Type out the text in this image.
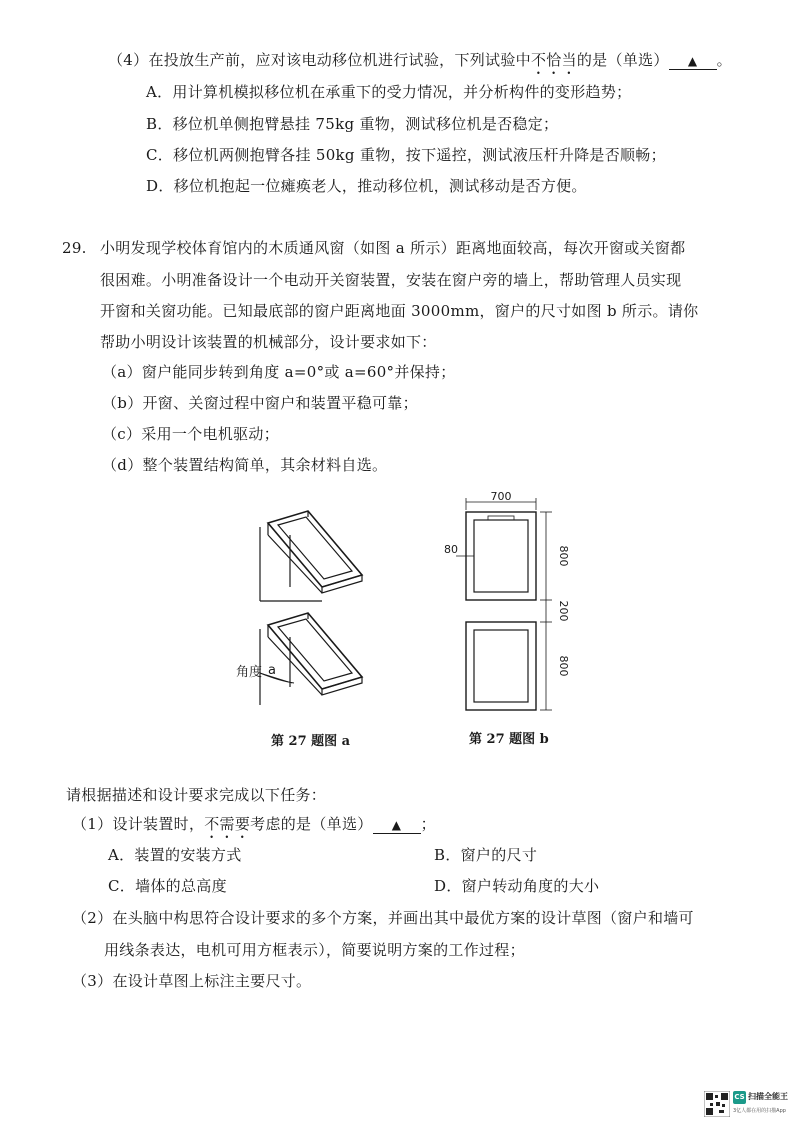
（4）在投放生产前，应对该电动移位机进行试验，下列试验中不恰当的是（单选） ▲ 。
A．用计算机模拟移位机在承重下的受力情况，并分析构件的变形趋势；
B．移位机单侧抱臂悬挂 75kg 重物，测试移位机是否稳定；
C．移位机两侧抱臂各挂 50kg 重物，按下遥控，测试液压杆升降是否顺畅；
D．移位机抱起一位瘫痪老人，推动移位机，测试移动是否方便。
29. 小明发现学校体育馆内的木质通风窗（如图 a 所示）距离地面较高，每次开窗或关窗都
很困难。小明准备设计一个电动开关窗装置，安装在窗户旁的墙上，帮助管理人员实现
开窗和关窗功能。已知最底部的窗户距离地面 3000mm，窗户的尺寸如图 b 所示。请你
帮助小明设计该装置的机械部分，设计要求如下：
（a）窗户能同步转到角度 a=0°或 a=60°并保持；
（b）开窗、关窗过程中窗户和装置平稳可靠；
（c）采用一个电机驱动；
（d）整个装置结构简单，其余材料自选。
角度 a
第 27 题图 a
700
80	800
200
800
第 27 题图 b
请根据描述和设计要求完成以下任务：
（1）设计装置时，不需要考虑的是（单选） ▲ ；
A．装置的安装方式	B．窗户的尺寸
C．墙体的总高度	D．窗户转动角度的大小
（2）在头脑中构思符合设计要求的多个方案，并画出其中最优方案的设计草图（窗户和墙可
用线条表达，电机可用方框表示），简要说明方案的工作过程；
（3）在设计草图上标注主要尺寸。
CS 扫描全能王
3亿人都在用的扫描App
